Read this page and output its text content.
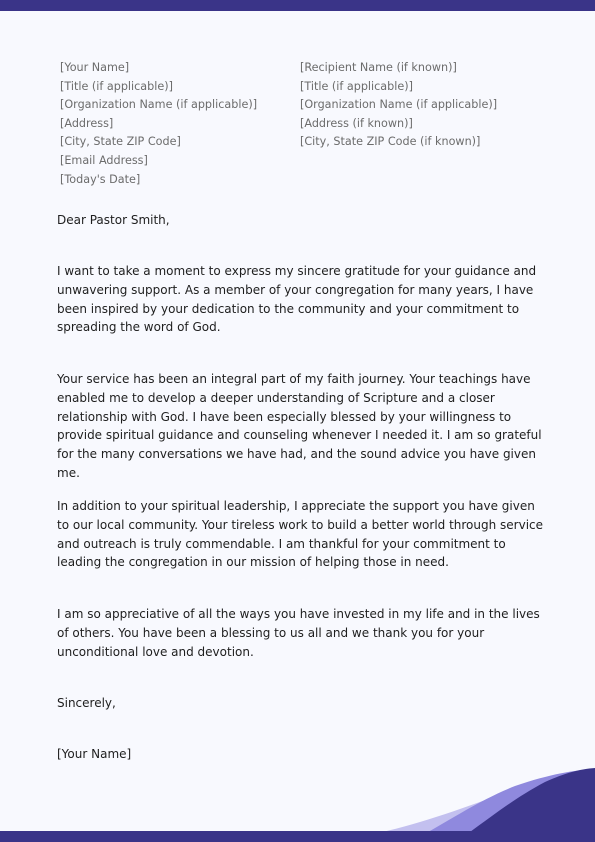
[Your Name]
[Title (if applicable)]
[Organization Name (if applicable)]
[Address]
[City, State ZIP Code]
[Email Address]
[Today's Date]
[Recipient Name (if known)]
[Title (if applicable)]
[Organization Name (if applicable)]
[Address (if known)]
[City, State ZIP Code (if known)]

Dear Pastor Smith,

I want to take a moment to express my sincere gratitude for your guidance and unwavering support. As a member of your congregation for many years, I have been inspired by your dedication to the community and your commitment to spreading the word of God.

Your service has been an integral part of my faith journey. Your teachings have enabled me to develop a deeper understanding of Scripture and a closer relationship with God. I have been especially blessed by your willingness to provide spiritual guidance and counseling whenever I needed it. I am so grateful for the many conversations we have had, and the sound advice you have given me.

In addition to your spiritual leadership, I appreciate the support you have given to our local community. Your tireless work to build a better world through service and outreach is truly commendable. I am thankful for your commitment to leading the congregation in our mission of helping those in need.

I am so appreciative of all the ways you have invested in my life and in the lives of others. You have been a blessing to us all and we thank you for your unconditional love and devotion.

Sincerely,

[Your Name]
